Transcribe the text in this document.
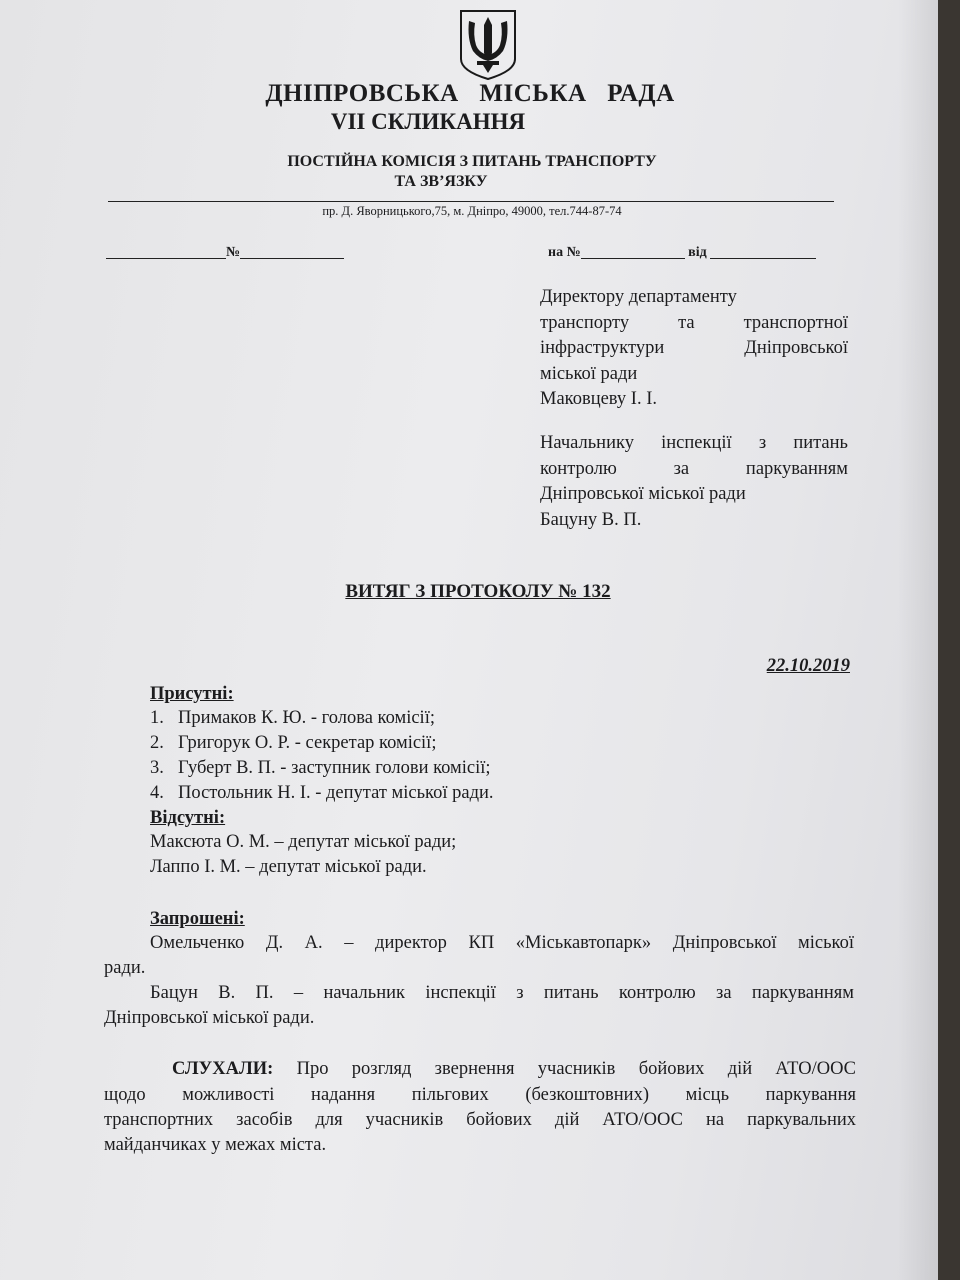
ДНІПРОВСЬКА МІСЬКА РАДА
VII СКЛИКАННЯ
ПОСТІЙНА КОМІСІЯ З ПИТАНЬ ТРАНСПОРТУ
ТА ЗВ’ЯЗКУ
пр. Д. Яворницького,75, м. Дніпро, 49000, тел.744-87-74
№	на №	від
Директору департаменту
транспорту та транспортної
інфраструктури Дніпровської
міської ради
Маковцеву І. І.
Начальнику інспекції з питань
контролю за паркуванням
Дніпровської міської ради
Бацуну В. П.
ВИТЯГ З ПРОТОКОЛУ № 132
22.10.2019
Присутні:
1. Примаков К. Ю. - голова комісії;
2. Григорук О. Р. - секретар комісії;
3. Губерт В. П. - заступник голови комісії;
4. Постольник Н. І. - депутат міської ради.
Відсутні:
Максюта О. М. – депутат міської ради;
Лаппо І. М. – депутат міської ради.
Запрошені:
Омельченко Д. А. – директор КП «Міськавтопарк» Дніпровської міської
ради.
Бацун В. П. – начальник інспекції з питань контролю за паркуванням
Дніпровської міської ради.
СЛУХАЛИ: Про розгляд звернення учасників бойових дій АТО/ООС
щодо можливості надання пільгових (безкоштовних) місць паркування
транспортних засобів для учасників бойових дій АТО/ООС на паркувальних
майданчиках у межах міста.
